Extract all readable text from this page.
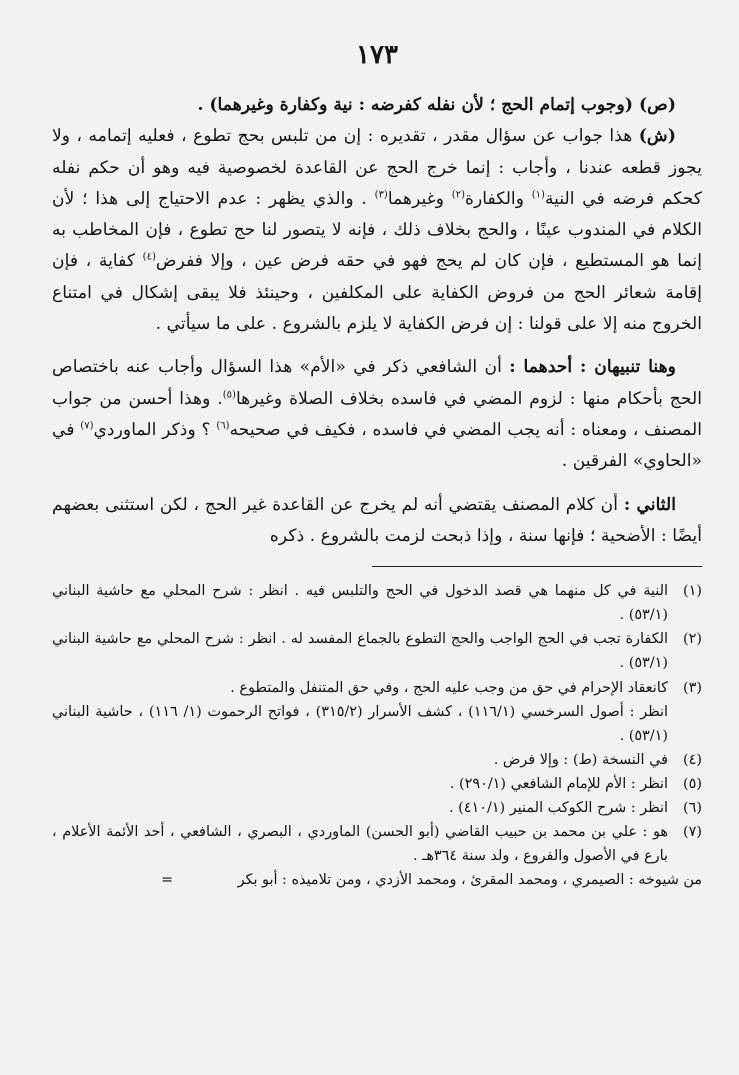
١٧٣

(ص) (وجوب إتمام الحج ؛ لأن نفله كفرضه : نية وكفارة وغيرهما) .

(ش) هذا جواب عن سؤال مقدر ، تقديره : إن من تلبس بحج تطوع ، فعليه إتمامه ، ولا يجوز قطعه عندنا ، وأجاب : إنما خرج الحج عن القاعدة لخصوصية فيه وهو أن حكم نفله كحكم فرضه في النية$^{(١)}$ والكفارة$^{(٢)}$ وغيرهما$^{(٣)}$ . والذي يظهر : عدم الاحتياج إلى هذا ؛ لأن الكلام في المندوب عينًا ، والحج بخلاف ذلك ، فإنه لا يتصور لنا حج تطوع ، فإن المخاطب به إنما هو المستطيع ، فإن كان لم يحج فهو في حقه فرض عين ، وإلا ففرض$^{(٤)}$ كفاية ، فإن إقامة شعائر الحج من فروض الكفاية على المكلفين ، وحينئذ فلا يبقى إشكال في امتناع الخروج منه إلا على قولنا : إن فرض الكفاية لا يلزم بالشروع . على ما سيأتي .

وهنا تنبيهان : أحدهما : أن الشافعي ذكر في «الأم» هذا السؤال وأجاب عنه باختصاص الحج بأحكام منها : لزوم المضي في فاسده بخلاف الصلاة وغيرها$^{(٥)}$. وهذا أحسن من جواب المصنف ، ومعناه : أنه يجب المضي في فاسده ، فكيف في صحيحه$^{(٦)}$ ؟ وذكر الماوردي$^{(٧)}$ في «الحاوي» الفرقين .

الثاني : أن كلام المصنف يقتضي أنه لم يخرج عن القاعدة غير الحج ، لكن استثنى بعضهم أيضًا : الأضحية ؛ فإنها سنة ، وإذا ذبحت لزمت بالشروع . ذكره

(١)
النية في كل منهما هي قصد الدخول في الحج والتلبس فيه . انظر : شرح المحلي مع حاشية البناني (٥٣/١) .
(٢)
الكفارة تجب في الحج الواجب والحج التطوع بالجماع المفسد له . انظر : شرح المحلي مع حاشية البناني (٥٣/١) .
(٣)
كانعقاد الإحرام في حق من وجب عليه الحج ، وفي حق المتنفل والمتطوع .
انظر : أصول السرخسي (١١٦/١) ، كشف الأسرار (٣١٥/٢) ، فواتح الرحموت (١/ ١١٦) ، حاشية البناني (٥٣/١) .
(٤)
في النسخة (ط) : وإلا فرض .
(٥)
انظر : الأم للإمام الشافعي (٢٩٠/١) .
(٦)
انظر : شرح الكوكب المنير (٤١٠/١) .
(٧)
هو : علي بن محمد بن حبيب القاضي (أبو الحسن) الماوردي ، البصري ، الشافعي ، أحد الأئمة الأعلام ، بارع في الأصول والفروع ، ولد سنة ٣٦٤هـ .
من شيوخه : الصيمري ، ومحمد المقرئ ، ومحمد الأزدي ، ومن تلاميذه : أبو بكر =
